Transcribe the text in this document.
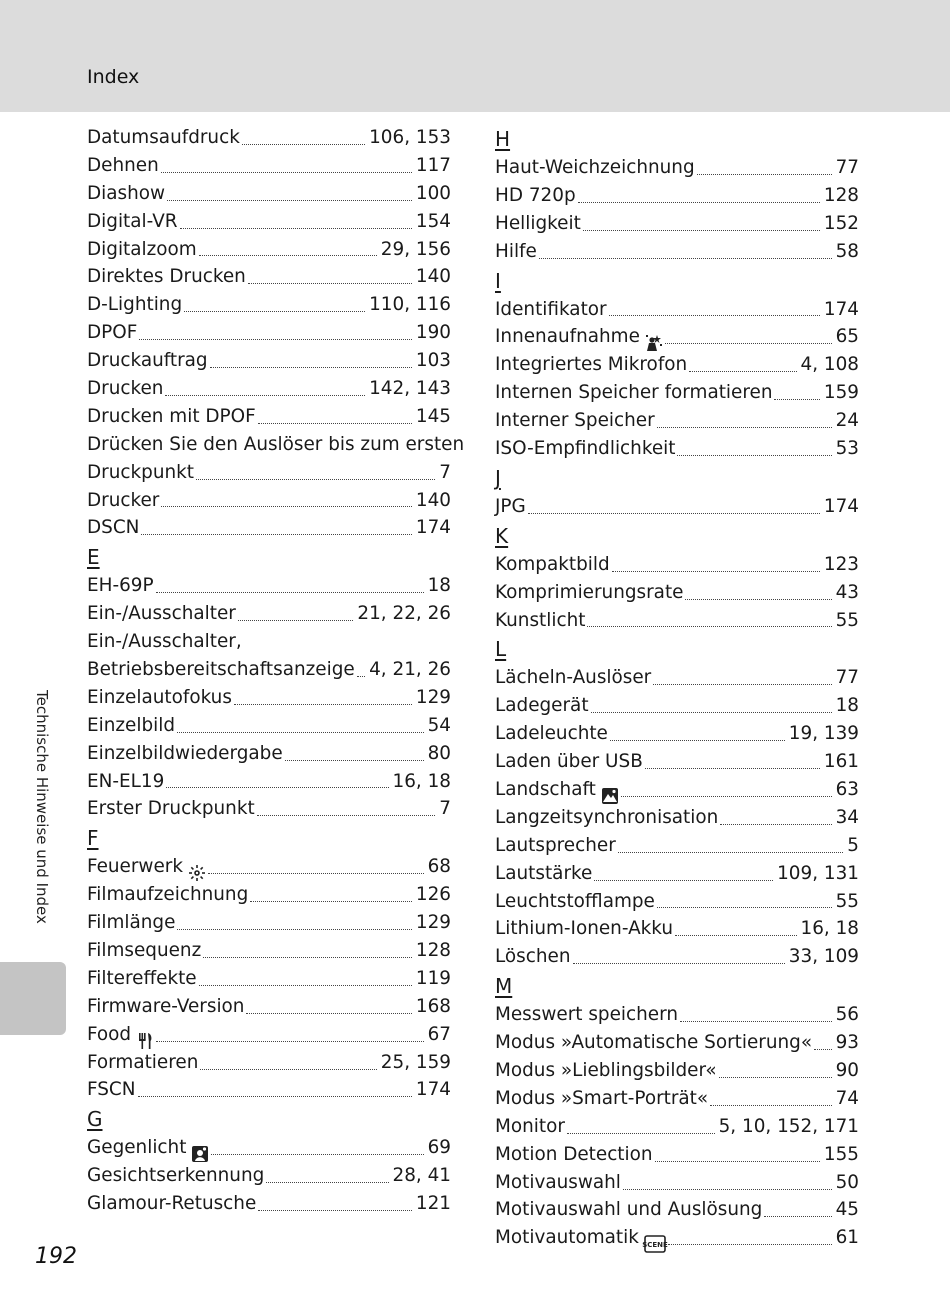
Index
Datumsaufdruck	106, 153
Dehnen	117
Diashow	100
Digital-VR	154
Digitalzoom	29, 156
Direktes Drucken	140
D-Lighting	110, 116
DPOF	190
Druckauftrag	103
Drucken	142, 143
Drucken mit DPOF	145
Drücken Sie den Auslöser bis zum ersten
Druckpunkt	7
Drucker	140
DSCN	174
E
EH-69P	18
Ein-/Ausschalter	21, 22, 26
Ein-/Ausschalter,
Betriebsbereitschaftsanzeige 4, 21, 26
Einzelautofokus	129
Einzelbild	54
Einzelbildwiedergabe	80
EN-EL19	16, 18
Erster Druckpunkt	7
F
Feuerwerk	68
Filmaufzeichnung	126
Filmlänge	129
Filmsequenz	128
Filtereffekte	119
Firmware-Version	168
Food	67
Formatieren	25, 159
FSCN	174
G
Gegenlicht	69
Gesichtserkennung	28, 41
Glamour-Retusche	121
H
Haut-Weichzeichnung	77
HD 720p	128
Helligkeit	152
Hilfe	58
I
Identifikator	174
Innenaufnahme	65
Integriertes Mikrofon	4, 108
Internen Speicher formatieren	159
Interner Speicher	24
ISO-Empfindlichkeit	53
J
JPG	174
K
Kompaktbild	123
Komprimierungsrate	43
Kunstlicht	55
L
Lächeln-Auslöser	77
Ladegerät	18
Ladeleuchte	19, 139
Laden über USB	161
Landschaft	63
Langzeitsynchronisation	34
Lautsprecher	5
Lautstärke	109, 131
Leuchtstofflampe	55
Lithium-Ionen-Akku	16, 18
Löschen	33, 109
M
Messwert speichern	56
Modus »Automatische Sortierung« 93
Modus »Lieblingsbilder«	90
Modus »Smart-Porträt«	74
Monitor	5, 10, 152, 171
Motion Detection	155
Motivauswahl	50
Motivauswahl und Auslösung	45
Motivautomatik SCENE	61
Technische Hinweise und Index
192
